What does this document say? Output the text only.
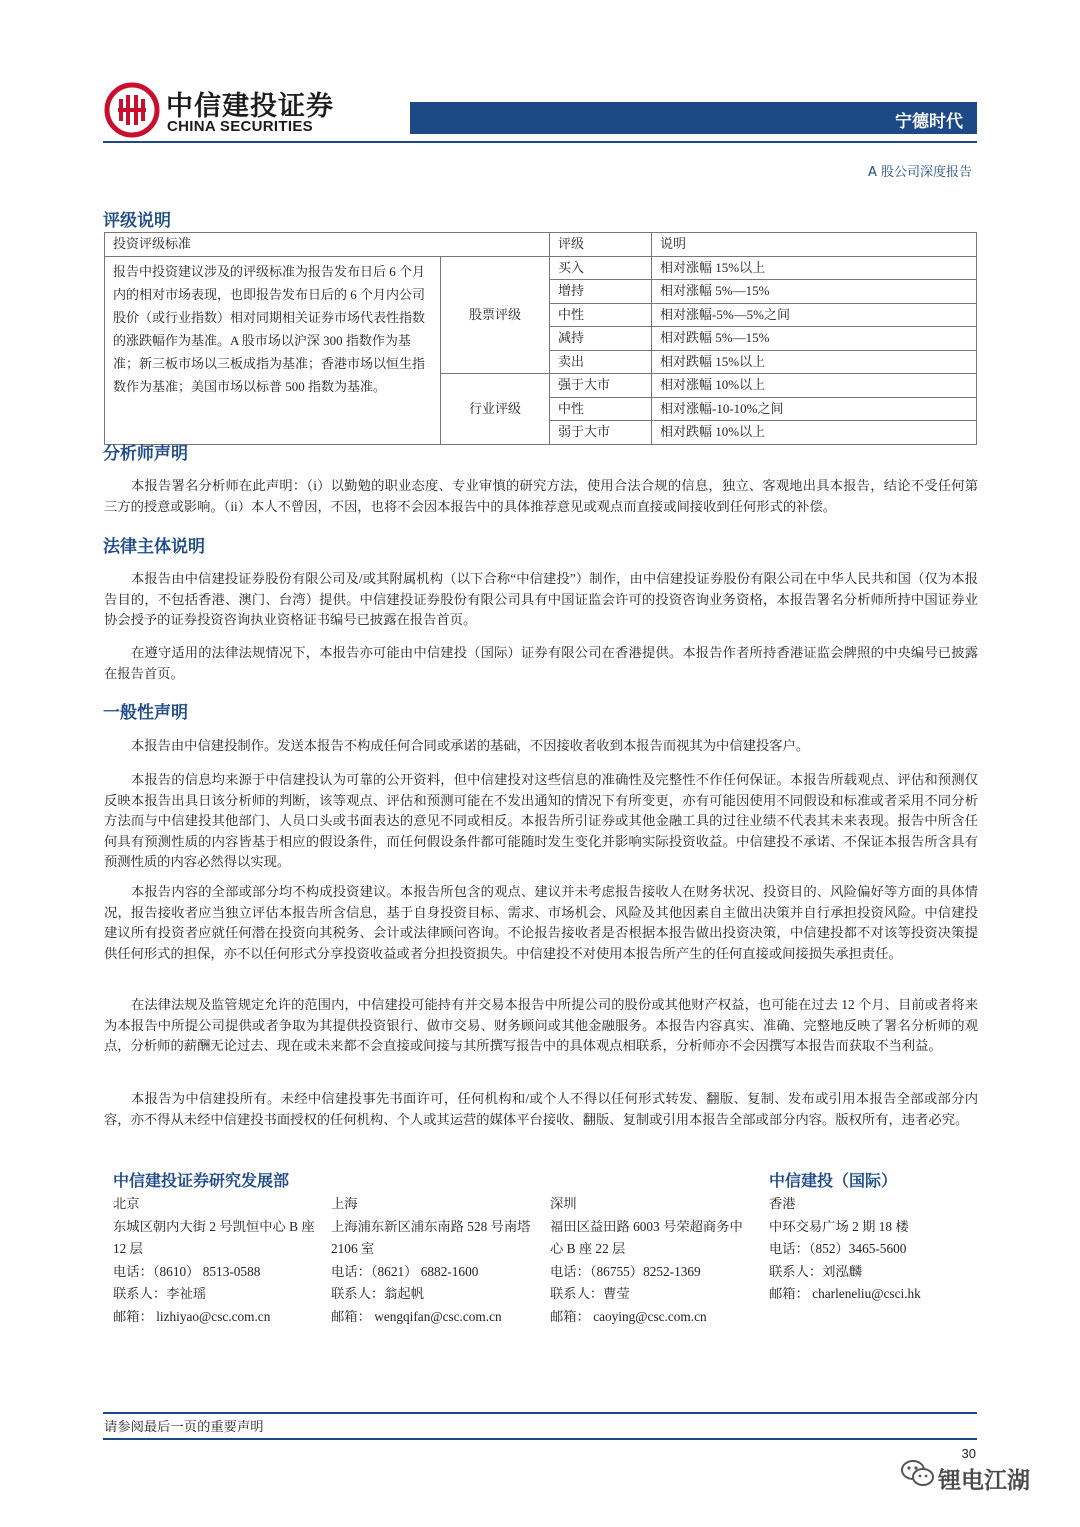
中信建投证券
CHINA SECURITIES	宁德时代
A 股公司深度报告
评级说明
投资评级标准		评级	说明
报告中投资建议涉及的评级标准为报告发布日后 6 个月内的相对市场表现，也即报告发布日后的 6 个月内公司股价（或行业指数）相对同期相关证券市场代表性指数的涨跌幅作为基准。A 股市场以沪深 300 指数作为基准；新三板市场以三板成指为基准；香港市场以恒生指数作为基准；美国市场以标普 500 指数为基准。	股票评级	买入	相对涨幅 15%以上
		增持	相对涨幅 5%—15%
		中性	相对涨幅-5%—5%之间
		减持	相对跌幅 5%—15%
		卖出	相对跌幅 15%以上
	行业评级	强于大市	相对涨幅 10%以上
		中性	相对涨幅-10-10%之间
		弱于大市	相对跌幅 10%以上
分析师声明

本报告署名分析师在此声明：（i）以勤勉的职业态度、专业审慎的研究方法，使用合法合规的信息，独立、客观地出具本报告，结论不受任何第三方的授意或影响。（ii）本人不曾因，不因，也将不会因本报告中的具体推荐意见或观点而直接或间接收到任何形式的补偿。

法律主体说明

本报告由中信建投证券股份有限公司及/或其附属机构（以下合称“中信建投”）制作，由中信建投证券股份有限公司在中华人民共和国（仅为本报告目的，不包括香港、澳门、台湾）提供。中信建投证券股份有限公司具有中国证监会许可的投资咨询业务资格，本报告署名分析师所持中国证券业协会授予的证券投资咨询执业资格证书编号已披露在报告首页。

在遵守适用的法律法规情况下，本报告亦可能由中信建投（国际）证券有限公司在香港提供。本报告作者所持香港证监会牌照的中央编号已披露在报告首页。

一般性声明

本报告由中信建投制作。发送本报告不构成任何合同或承诺的基础，不因接收者收到本报告而视其为中信建投客户。

本报告的信息均来源于中信建投认为可靠的公开资料，但中信建投对这些信息的准确性及完整性不作任何保证。本报告所载观点、评估和预测仅反映本报告出具日该分析师的判断，该等观点、评估和预测可能在不发出通知的情况下有所变更，亦有可能因使用不同假设和标准或者采用不同分析方法而与中信建投其他部门、人员口头或书面表达的意见不同或相反。本报告所引证券或其他金融工具的过往业绩不代表其未来表现。报告中所含任何具有预测性质的内容皆基于相应的假设条件，而任何假设条件都可能随时发生变化并影响实际投资收益。中信建投不承诺、不保证本报告所含具有预测性质的内容必然得以实现。

本报告内容的全部或部分均不构成投资建议。本报告所包含的观点、建议并未考虑报告接收人在财务状况、投资目的、风险偏好等方面的具体情况，报告接收者应当独立评估本报告所含信息，基于自身投资目标、需求、市场机会、风险及其他因素自主做出决策并自行承担投资风险。中信建投建议所有投资者应就任何潜在投资向其税务、会计或法律顾问咨询。不论报告接收者是否根据本报告做出投资决策，中信建投都不对该等投资决策提供任何形式的担保，亦不以任何形式分享投资收益或者分担投资损失。中信建投不对使用本报告所产生的任何直接或间接损失承担责任。

在法律法规及监管规定允许的范围内，中信建投可能持有并交易本报告中所提公司的股份或其他财产权益，也可能在过去 12 个月、目前或者将来为本报告中所提公司提供或者争取为其提供投资银行、做市交易、财务顾问或其他金融服务。本报告内容真实、准确、完整地反映了署名分析师的观点，分析师的薪酬无论过去、现在或未来都不会直接或间接与其所撰写报告中的具体观点相联系，分析师亦不会因撰写本报告而获取不当利益。

本报告为中信建投所有。未经中信建投事先书面许可，任何机构和/或个人不得以任何形式转发、翻版、复制、发布或引用本报告全部或部分内容，亦不得从未经中信建投书面授权的任何机构、个人或其运营的媒体平台接收、翻版、复制或引用本报告全部或部分内容。版权所有，违者必究。

中信建投证券研究发展部	中信建投（国际）
北京
东城区朝内大街 2 号凯恒中心 B 座 12 层
电话：（8610） 8513-0588
联系人：李祉瑶
邮箱： lizhiyao@csc.com.cn
上海
上海浦东新区浦东南路 528 号南塔 2106 室
电话：（8621） 6882-1600
联系人：翁起帆
邮箱： wengqifan@csc.com.cn
深圳
福田区益田路 6003 号荣超商务中心 B 座 22 层
电话：（86755）8252-1369
联系人：曹莹
邮箱： caoying@csc.com.cn
香港
中环交易广场 2 期 18 楼
电话：（852）3465-5600
联系人：刘泓麟
邮箱： charleneliu@csci.hk
请参阅最后一页的重要声明
30
锂电江湖
